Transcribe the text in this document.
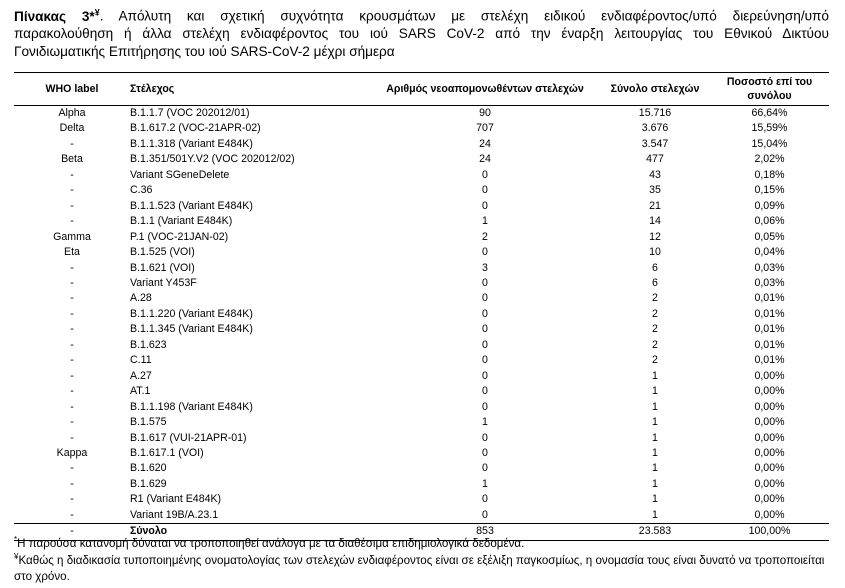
Πίνακας 3*¥. Απόλυτη και σχετική συχνότητα κρουσμάτων με στελέχη ειδικού ενδιαφέροντος/υπό διερεύνηση/υπό
παρακολούθηση ή άλλα στελέχη ενδιαφέροντος του ιού SARS CoV-2 από την έναρξη λειτουργίας του Εθνικού Δικτύου
Γονιδιωματικής Επιτήρησης του ιού SARS-CoV-2 μέχρι σήμερα
WHO label	Στέλεχος	Αριθμός νεοαπομονωθέντων στελεχών	Σύνολο στελεχών	Ποσοστό επί του συνόλου
Alpha	B.1.1.7 (VOC 202012/01)	90	15.716	66,64%
Delta	B.1.617.2 (VOC-21APR-02)	707	3.676	15,59%
-	B.1.1.318 (Variant E484K)	24	3.547	15,04%
Beta	B.1.351/501Y.V2 (VOC 202012/02)	24	477	2,02%
-	Variant SGeneDelete	0	43	0,18%
-	C.36	0	35	0,15%
-	B.1.1.523 (Variant E484K)	0	21	0,09%
-	B.1.1 (Variant E484K)	1	14	0,06%
Gamma	P.1 (VOC-21JAN-02)	2	12	0,05%
Eta	B.1.525 (VOI)	0	10	0,04%
-	B.1.621 (VOI)	3	6	0,03%
-	Variant Y453F	0	6	0,03%
-	A.28	0	2	0,01%
-	B.1.1.220 (Variant E484K)	0	2	0,01%
-	B.1.1.345 (Variant E484K)	0	2	0,01%
-	B.1.623	0	2	0,01%
-	C.11	0	2	0,01%
-	A.27	0	1	0,00%
-	AT.1	0	1	0,00%
-	B.1.1.198 (Variant E484K)	0	1	0,00%
-	B.1.575	1	1	0,00%
-	B.1.617 (VUI-21APR-01)	0	1	0,00%
Kappa	B.1.617.1 (VOI)	0	1	0,00%
-	B.1.620	0	1	0,00%
-	B.1.629	1	1	0,00%
-	R1 (Variant E484K)	0	1	0,00%
-	Variant 19B/A.23.1	0	1	0,00%
-	Σύνολο	853	23.583	100,00%
*Η παρούσα κατανομή δύναται να τροποποιηθεί ανάλογα με τα διαθέσιμα επιδημιολογικά δεδομένα.
¥Καθώς η διαδικασία τυποποιημένης ονοματολογίας των στελεχών ενδιαφέροντος είναι σε εξέλιξη παγκοσμίως, η ονομασία τους είναι δυνατό να τροποποιείται στο χρόνο.
